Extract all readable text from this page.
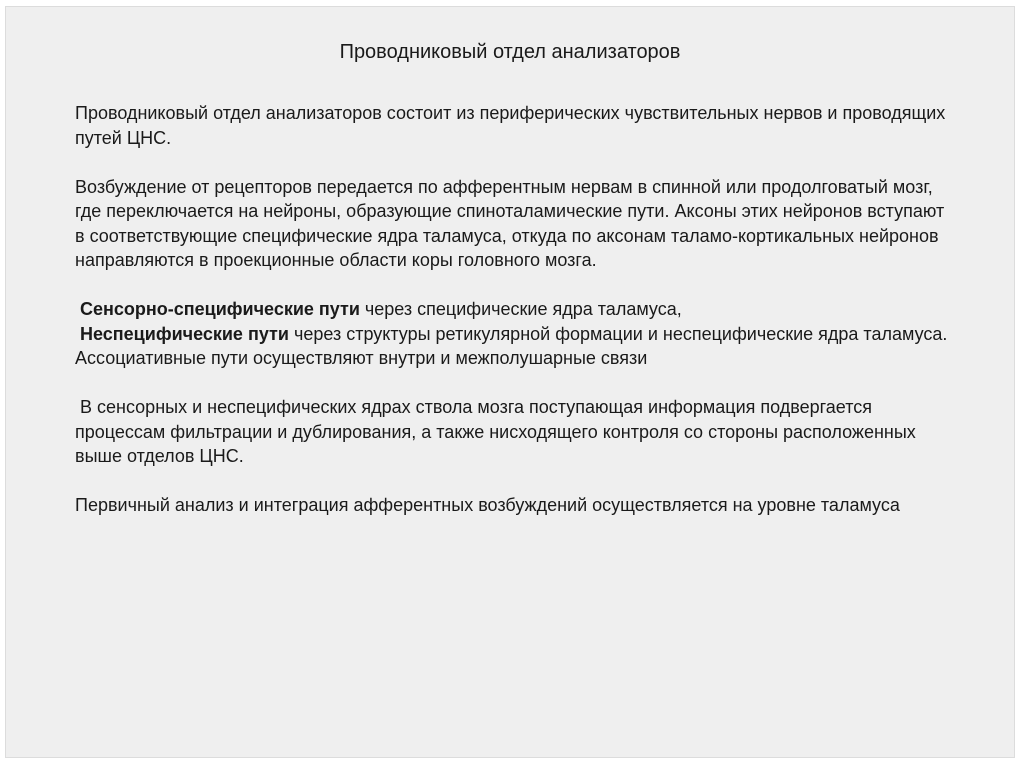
Проводниковый отдел анализаторов

Проводниковый отдел анализаторов состоит из периферических чувствительных нервов и проводящих путей ЦНС.

Возбуждение от рецепторов передается по афферентным нервам в спинной или продолговатый мозг, где переключается на нейроны, образующие спиноталамические пути. Аксоны этих нейронов вступают в соответствующие специфические ядра таламуса, откуда по аксонам таламо-кортикальных нейронов направляются в проекционные области коры головного мозга.

Сенсорно-специфические пути через специфические ядра таламуса,
Неспецифические пути через структуры ретикулярной формации и неспецифические ядра таламуса.
Ассоциативные пути осуществляют внутри и межполушарные связи

В сенсорных и неспецифических ядрах ствола мозга поступающая информация подвергается процессам фильтрации и дублирования, а также нисходящего контроля со стороны расположенных выше отделов ЦНС.

Первичный анализ и интеграция афферентных возбуждений осуществляется на уровне таламуса
